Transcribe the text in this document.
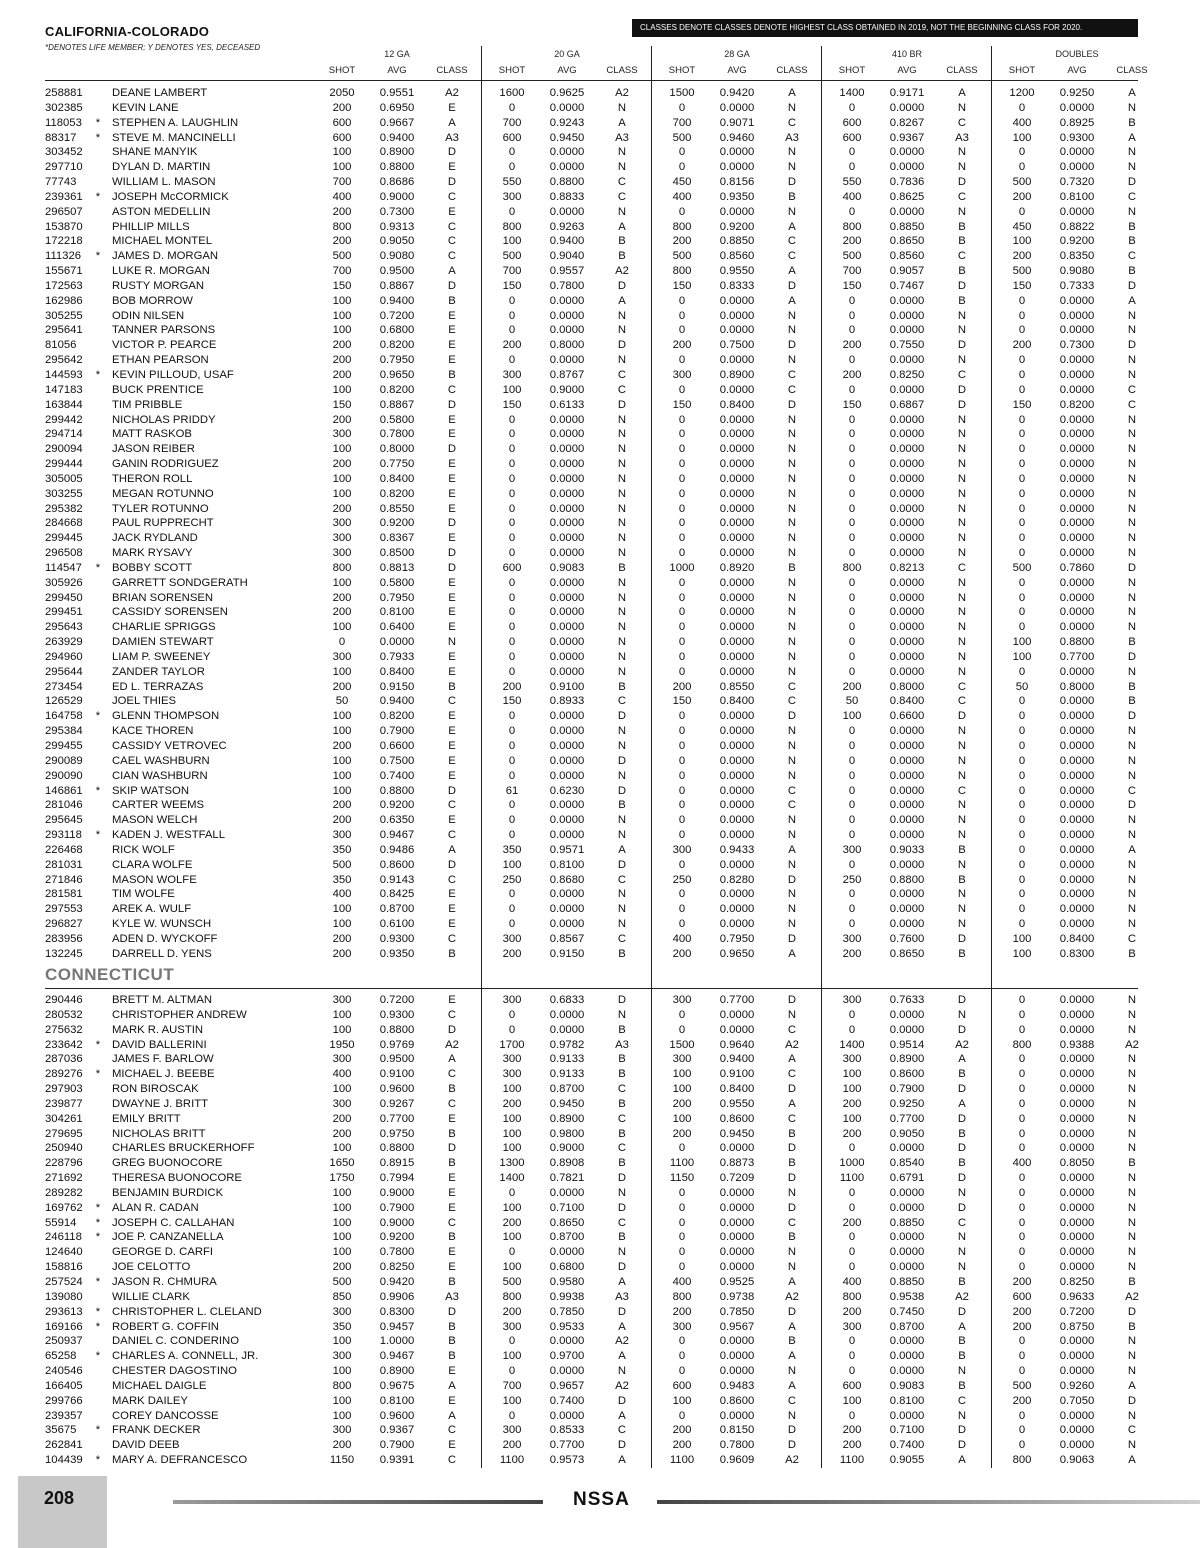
CALIFORNIA-COLORADO
*DENOTES LIFE MEMBER; Y DENOTES YES, DECEASED
CLASSES DENOTE CLASSES DENOTE HIGHEST CLASS OBTAINED IN 2019, NOT THE BEGINNING CLASS FOR 2020.
12 GA
SHOT	AVG	CLASS
20 GA
SHOT	AVG	CLASS
28 GA
SHOT	AVG	CLASS
410 BR
SHOT	AVG	CLASS
DOUBLES
SHOT	AVG	CLASS
258881	DEANE LAMBERT	2050	0.9551	A2	1600	0.9625	A2	1500	0.9420	A	1400	0.9171	A	1200	0.9250	A
302385	KEVIN LANE	200	0.6950	E	0	0.0000	N	0	0.0000	N	0	0.0000	N	0	0.0000	N
118053	* STEPHEN A. LAUGHLIN	600	0.9667	A	700	0.9243	A	700	0.9071	C	600	0.8267	C	400	0.8925	B
88317	* STEVE M. MANCINELLI	600	0.9400	A3	600	0.9450	A3	500	0.9460	A3	600	0.9367	A3	100	0.9300	A
303452	SHANE MANYIK	100	0.8900	D	0	0.0000	N	0	0.0000	N	0	0.0000	N	0	0.0000	N
297710	DYLAN D. MARTIN	100	0.8800	E	0	0.0000	N	0	0.0000	N	0	0.0000	N	0	0.0000	N
77743	WILLIAM L. MASON	700	0.8686	D	550	0.8800	C	450	0.8156	D	550	0.7836	D	500	0.7320	D
239361	* JOSEPH McCORMICK	400	0.9000	C	300	0.8833	C	400	0.9350	B	400	0.8625	C	200	0.8100	C
296507	ASTON MEDELLIN	200	0.7300	E	0	0.0000	N	0	0.0000	N	0	0.0000	N	0	0.0000	N
153870	PHILLIP MILLS	800	0.9313	C	800	0.9263	A	800	0.9200	A	800	0.8850	B	450	0.8822	B
172218	MICHAEL MONTEL	200	0.9050	C	100	0.9400	B	200	0.8850	C	200	0.8650	B	100	0.9200	B
111326	* JAMES D. MORGAN	500	0.9080	C	500	0.9040	B	500	0.8560	C	500	0.8560	C	200	0.8350	C
155671	LUKE R. MORGAN	700	0.9500	A	700	0.9557	A2	800	0.9550	A	700	0.9057	B	500	0.9080	B
172563	RUSTY MORGAN	150	0.8867	D	150	0.7800	D	150	0.8333	D	150	0.7467	D	150	0.7333	D
162986	BOB MORROW	100	0.9400	B	0	0.0000	A	0	0.0000	A	0	0.0000	B	0	0.0000	A
305255	ODIN NILSEN	100	0.7200	E	0	0.0000	N	0	0.0000	N	0	0.0000	N	0	0.0000	N
295641	TANNER PARSONS	100	0.6800	E	0	0.0000	N	0	0.0000	N	0	0.0000	N	0	0.0000	N
81056	VICTOR P. PEARCE	200	0.8200	E	200	0.8000	D	200	0.7500	D	200	0.7550	D	200	0.7300	D
295642	ETHAN PEARSON	200	0.7950	E	0	0.0000	N	0	0.0000	N	0	0.0000	N	0	0.0000	N
144593	* KEVIN PILLOUD, USAF	200	0.9650	B	300	0.8767	C	300	0.8900	C	200	0.8250	C	0	0.0000	N
147183	BUCK PRENTICE	100	0.8200	C	100	0.9000	C	0	0.0000	C	0	0.0000	D	0	0.0000	C
163844	TIM PRIBBLE	150	0.8867	D	150	0.6133	D	150	0.8400	D	150	0.6867	D	150	0.8200	C
299442	NICHOLAS PRIDDY	200	0.5800	E	0	0.0000	N	0	0.0000	N	0	0.0000	N	0	0.0000	N
294714	MATT RASKOB	300	0.7800	E	0	0.0000	N	0	0.0000	N	0	0.0000	N	0	0.0000	N
290094	JASON REIBER	100	0.8000	D	0	0.0000	N	0	0.0000	N	0	0.0000	N	0	0.0000	N
299444	GANIN RODRIGUEZ	200	0.7750	E	0	0.0000	N	0	0.0000	N	0	0.0000	N	0	0.0000	N
305005	THERON ROLL	100	0.8400	E	0	0.0000	N	0	0.0000	N	0	0.0000	N	0	0.0000	N
303255	MEGAN ROTUNNO	100	0.8200	E	0	0.0000	N	0	0.0000	N	0	0.0000	N	0	0.0000	N
295382	TYLER ROTUNNO	200	0.8550	E	0	0.0000	N	0	0.0000	N	0	0.0000	N	0	0.0000	N
284668	PAUL RUPPRECHT	300	0.9200	D	0	0.0000	N	0	0.0000	N	0	0.0000	N	0	0.0000	N
299445	JACK RYDLAND	300	0.8367	E	0	0.0000	N	0	0.0000	N	0	0.0000	N	0	0.0000	N
296508	MARK RYSAVY	300	0.8500	D	0	0.0000	N	0	0.0000	N	0	0.0000	N	0	0.0000	N
114547	* BOBBY SCOTT	800	0.8813	D	600	0.9083	B	1000	0.8920	B	800	0.8213	C	500	0.7860	D
305926	GARRETT SONDGERATH	100	0.5800	E	0	0.0000	N	0	0.0000	N	0	0.0000	N	0	0.0000	N
299450	BRIAN SORENSEN	200	0.7950	E	0	0.0000	N	0	0.0000	N	0	0.0000	N	0	0.0000	N
299451	CASSIDY SORENSEN	200	0.8100	E	0	0.0000	N	0	0.0000	N	0	0.0000	N	0	0.0000	N
295643	CHARLIE SPRIGGS	100	0.6400	E	0	0.0000	N	0	0.0000	N	0	0.0000	N	0	0.0000	N
263929	DAMIEN STEWART	0	0.0000	N	0	0.0000	N	0	0.0000	N	0	0.0000	N	100	0.8800	B
294960	LIAM P. SWEENEY	300	0.7933	E	0	0.0000	N	0	0.0000	N	0	0.0000	N	100	0.7700	D
295644	ZANDER TAYLOR	100	0.8400	E	0	0.0000	N	0	0.0000	N	0	0.0000	N	0	0.0000	N
273454	ED L. TERRAZAS	200	0.9150	B	200	0.9100	B	200	0.8550	C	200	0.8000	C	50	0.8000	B
126529	JOEL THIES	50	0.9400	C	150	0.8933	C	150	0.8400	C	50	0.8400	C	0	0.0000	B
164758	* GLENN THOMPSON	100	0.8200	E	0	0.0000	D	0	0.0000	D	100	0.6600	D	0	0.0000	D
295384	KACE THOREN	100	0.7900	E	0	0.0000	N	0	0.0000	N	0	0.0000	N	0	0.0000	N
299455	CASSIDY VETROVEC	200	0.6600	E	0	0.0000	N	0	0.0000	N	0	0.0000	N	0	0.0000	N
290089	CAEL WASHBURN	100	0.7500	E	0	0.0000	D	0	0.0000	N	0	0.0000	N	0	0.0000	N
290090	CIAN WASHBURN	100	0.7400	E	0	0.0000	N	0	0.0000	N	0	0.0000	N	0	0.0000	N
146861	* SKIP WATSON	100	0.8800	D	61	0.6230	D	0	0.0000	C	0	0.0000	C	0	0.0000	C
281046	CARTER WEEMS	200	0.9200	C	0	0.0000	B	0	0.0000	C	0	0.0000	N	0	0.0000	D
295645	MASON WELCH	200	0.6350	E	0	0.0000	N	0	0.0000	N	0	0.0000	N	0	0.0000	N
293118	* KADEN J. WESTFALL	300	0.9467	C	0	0.0000	N	0	0.0000	N	0	0.0000	N	0	0.0000	N
226468	RICK WOLF	350	0.9486	A	350	0.9571	A	300	0.9433	A	300	0.9033	B	0	0.0000	A
281031	CLARA WOLFE	500	0.8600	D	100	0.8100	D	0	0.0000	N	0	0.0000	N	0	0.0000	N
271846	MASON WOLFE	350	0.9143	C	250	0.8680	C	250	0.8280	D	250	0.8800	B	0	0.0000	N
281581	TIM WOLFE	400	0.8425	E	0	0.0000	N	0	0.0000	N	0	0.0000	N	0	0.0000	N
297553	AREK A. WULF	100	0.8700	E	0	0.0000	N	0	0.0000	N	0	0.0000	N	0	0.0000	N
296827	KYLE W. WUNSCH	100	0.6100	E	0	0.0000	N	0	0.0000	N	0	0.0000	N	0	0.0000	N
283956	ADEN D. WYCKOFF	200	0.9300	C	300	0.8567	C	400	0.7950	D	300	0.7600	D	100	0.8400	C
132245	DARRELL D. YENS	200	0.9350	B	200	0.9150	B	200	0.9650	A	200	0.8650	B	100	0.8300	B
CONNECTICUT
290446	BRETT M. ALTMAN	300	0.7200	E	300	0.6833	D	300	0.7700	D	300	0.7633	D	0	0.0000	N
280532	CHRISTOPHER ANDREW	100	0.9300	C	0	0.0000	N	0	0.0000	N	0	0.0000	N	0	0.0000	N
275632	MARK R. AUSTIN	100	0.8800	D	0	0.0000	B	0	0.0000	C	0	0.0000	D	0	0.0000	N
233642	* DAVID BALLERINI	1950	0.9769	A2	1700	0.9782	A3	1500	0.9640	A2	1400	0.9514	A2	800	0.9388	A2
287036	JAMES F. BARLOW	300	0.9500	A	300	0.9133	B	300	0.9400	A	300	0.8900	A	0	0.0000	N
289276	* MICHAEL J. BEEBE	400	0.9100	C	300	0.9133	B	100	0.9100	C	100	0.8600	B	0	0.0000	N
297903	RON BIROSCAK	100	0.9600	B	100	0.8700	C	100	0.8400	D	100	0.7900	D	0	0.0000	N
239877	DWAYNE J. BRITT	300	0.9267	C	200	0.9450	B	200	0.9550	A	200	0.9250	A	0	0.0000	N
304261	EMILY BRITT	200	0.7700	E	100	0.8900	C	100	0.8600	C	100	0.7700	D	0	0.0000	N
279695	NICHOLAS BRITT	200	0.9750	B	100	0.9800	B	200	0.9450	B	200	0.9050	B	0	0.0000	N
250940	CHARLES BRUCKERHOFF	100	0.8800	D	100	0.9000	C	0	0.0000	D	0	0.0000	D	0	0.0000	N
228796	GREG BUONOCORE	1650	0.8915	B	1300	0.8908	B	1100	0.8873	B	1000	0.8540	B	400	0.8050	B
271692	THERESA BUONOCORE	1750	0.7994	E	1400	0.7821	D	1150	0.7209	D	1100	0.6791	D	0	0.0000	N
289282	BENJAMIN BURDICK	100	0.9000	E	0	0.0000	N	0	0.0000	N	0	0.0000	N	0	0.0000	N
169762	* ALAN R. CADAN	100	0.7900	E	100	0.7100	D	0	0.0000	D	0	0.0000	D	0	0.0000	N
55914	* JOSEPH C. CALLAHAN	100	0.9000	C	200	0.8650	C	0	0.0000	C	200	0.8850	C	0	0.0000	N
246118	* JOE P. CANZANELLA	100	0.9200	B	100	0.8700	B	0	0.0000	B	0	0.0000	N	0	0.0000	N
124640	GEORGE D. CARFI	100	0.7800	E	0	0.0000	N	0	0.0000	N	0	0.0000	N	0	0.0000	N
158816	JOE CELOTTO	200	0.8250	E	100	0.6800	D	0	0.0000	N	0	0.0000	N	0	0.0000	N
257524	* JASON R. CHMURA	500	0.9420	B	500	0.9580	A	400	0.9525	A	400	0.8850	B	200	0.8250	B
139080	WILLIE CLARK	850	0.9906	A3	800	0.9938	A3	800	0.9738	A2	800	0.9538	A2	600	0.9633	A2
293613	* CHRISTOPHER L. CLELAND	300	0.8300	D	200	0.7850	D	200	0.7850	D	200	0.7450	D	200	0.7200	D
169166	* ROBERT G. COFFIN	350	0.9457	B	300	0.9533	A	300	0.9567	A	300	0.8700	A	200	0.8750	B
250937	DANIEL C. CONDERINO	100	1.0000	B	0	0.0000	A2	0	0.0000	B	0	0.0000	B	0	0.0000	N
65258	* CHARLES A. CONNELL, JR.	300	0.9467	B	100	0.9700	A	0	0.0000	A	0	0.0000	B	0	0.0000	N
240546	CHESTER DAGOSTINO	100	0.8900	E	0	0.0000	N	0	0.0000	N	0	0.0000	N	0	0.0000	N
166405	MICHAEL DAIGLE	800	0.9675	A	700	0.9657	A2	600	0.9483	A	600	0.9083	B	500	0.9260	A
299766	MARK DAILEY	100	0.8100	E	100	0.7400	D	100	0.8600	C	100	0.8100	C	200	0.7050	D
239357	COREY DANCOSSE	100	0.9600	A	0	0.0000	A	0	0.0000	N	0	0.0000	N	0	0.0000	N
35675	* FRANK DECKER	300	0.9367	C	300	0.8533	C	200	0.8150	D	200	0.7100	D	0	0.0000	C
262841	DAVID DEEB	200	0.7900	E	200	0.7700	D	200	0.7800	D	200	0.7400	D	0	0.0000	N
104439	* MARY A. DEFRANCESCO	1150	0.9391	C	1100	0.9573	A	1100	0.9609	A2	1100	0.9055	A	800	0.9063	A
208	NSSA
